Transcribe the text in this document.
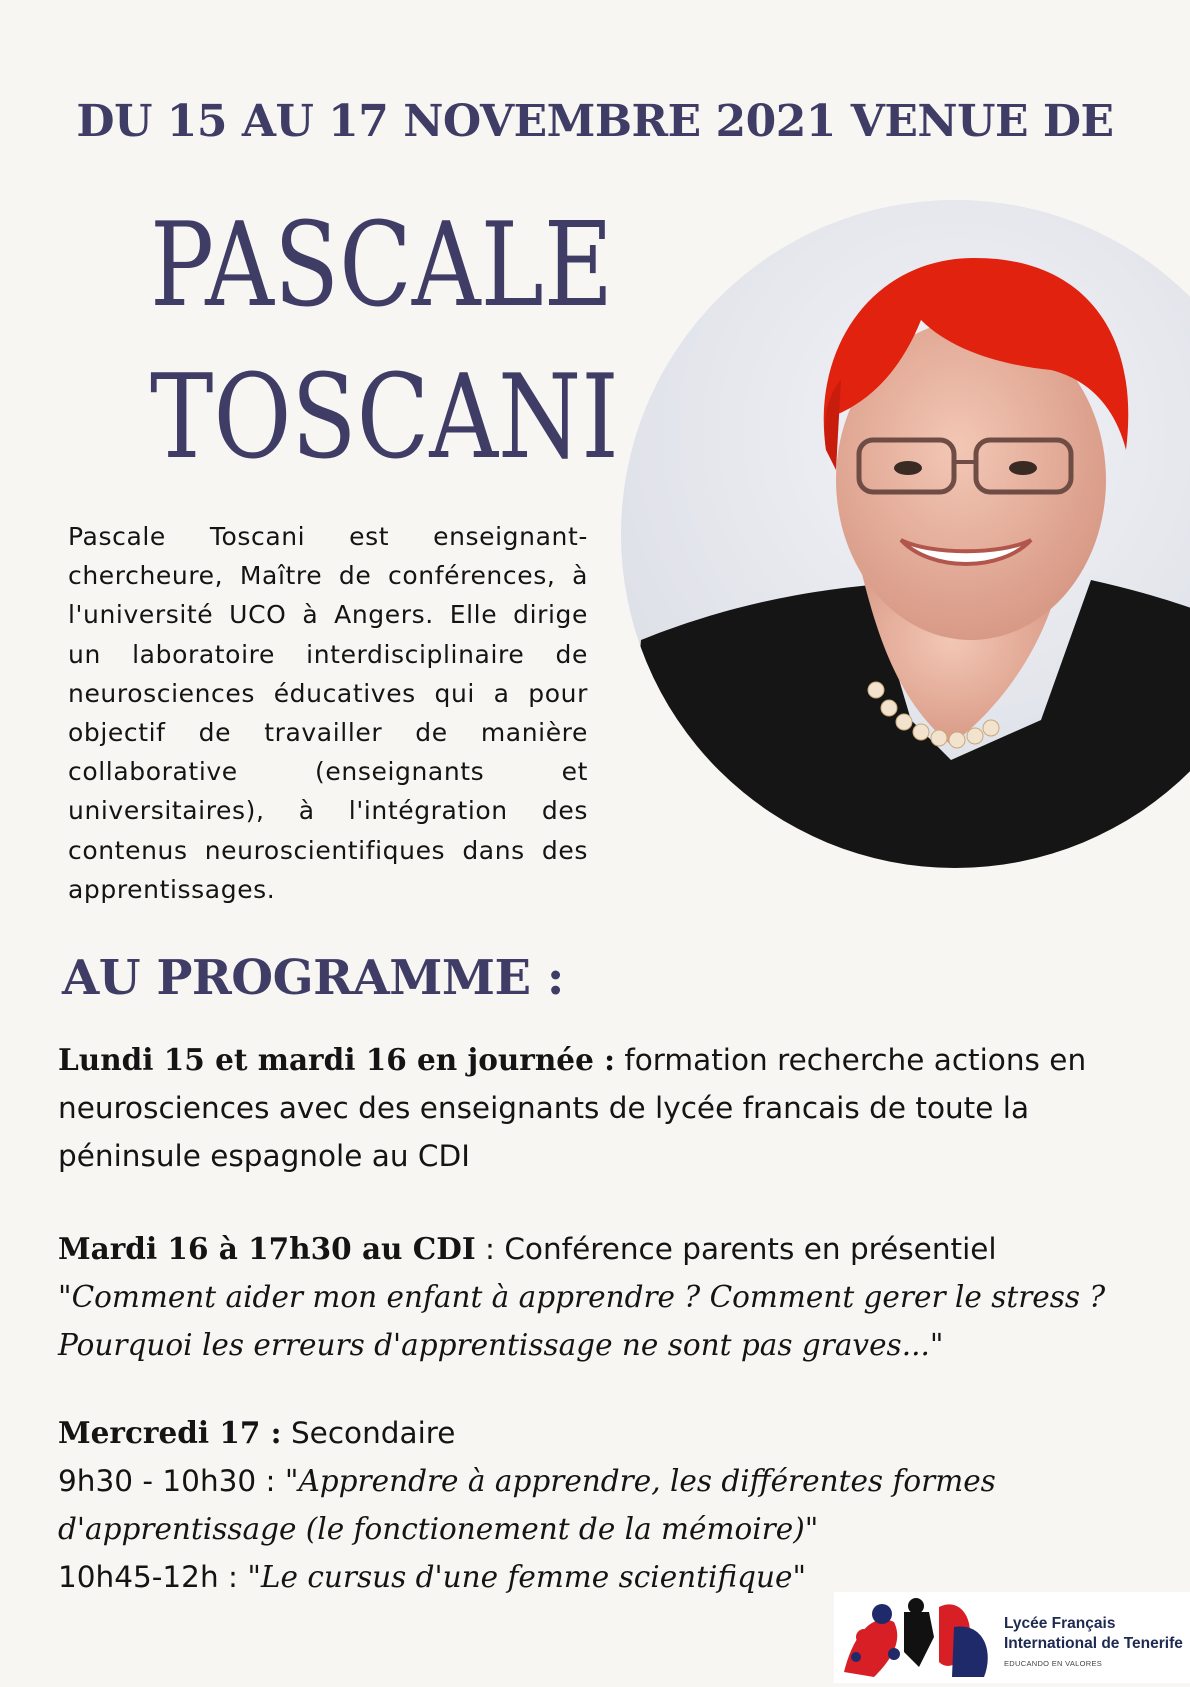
DU 15 AU 17 NOVEMBRE 2021 VENUE DE
PASCALE
TOSCANI
Pascale Toscani est enseignant-chercheure, Maître de conférences, à l'université UCO à Angers. Elle dirige un laboratoire interdisciplinaire de neurosciences éducatives qui a pour objectif de travailler de manière collaborative (enseignants et universitaires), à l'intégration des contenus neuroscientifiques dans des apprentissages.
AU PROGRAMME :
Lundi 15 et mardi 16 en journée : formation recherche actions en neurosciences avec des enseignants de lycée francais de toute la péninsule espagnole au CDI
Mardi 16 à 17h30 au CDI : Conférence parents en présentiel
"Comment aider mon enfant à apprendre ? Comment gerer le stress ? Pourquoi les erreurs d'apprentissage ne sont pas graves..."
Mercredi 17 : Secondaire
9h30 - 10h30 : "Apprendre à apprendre, les différentes formes d'apprentissage (le fonctionement de la mémoire)"
10h45-12h : "Le cursus d'une femme scientifique"
Lycée Français
International de Tenerife
EDUCANDO EN VALORES
